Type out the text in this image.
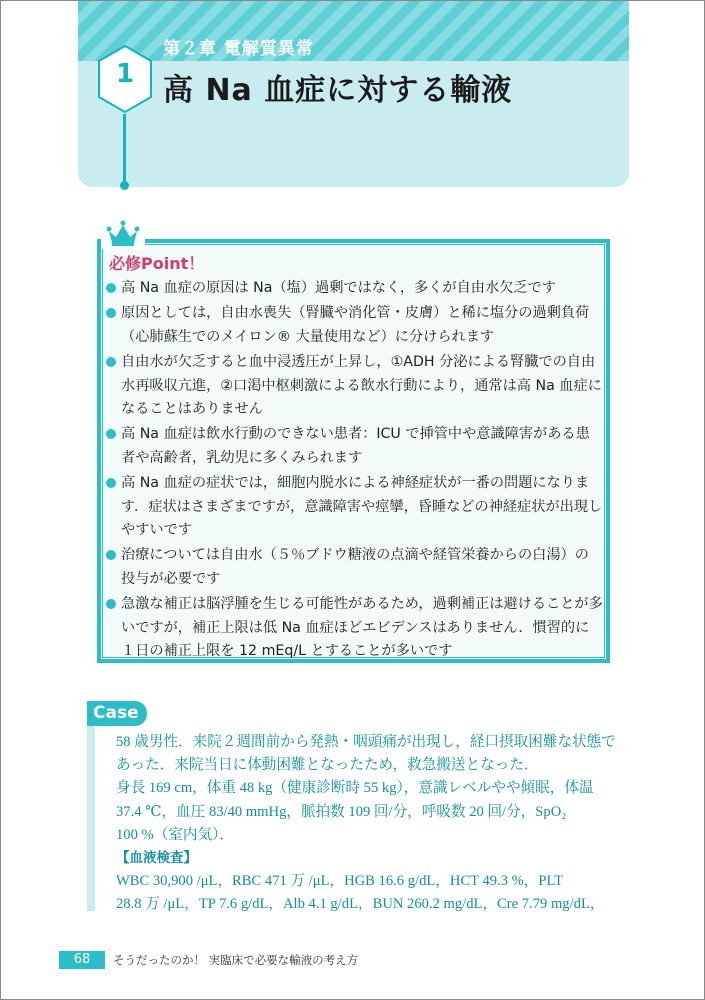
第２章 電解質異常
1 高 Na 血症に対する輸液
必修Point！
高 Na 血症の原因は Na（塩）過剰ではなく，多くが自由水欠乏です
原因としては，自由水喪失（腎臓や消化管・皮膚）と稀に塩分の過剰負荷（心肺蘇生でのメイロン® 大量使用など）に分けられます
自由水が欠乏すると血中浸透圧が上昇し，①ADH 分泌による腎臓での自由水再吸収亢進，②口渇中枢刺激による飲水行動により，通常は高 Na 血症になることはありません
高 Na 血症は飲水行動のできない患者：ICU で挿管中や意識障害がある患者や高齢者，乳幼児に多くみられます
高 Na 血症の症状では，細胞内脱水による神経症状が一番の問題になります．症状はさまざまですが，意識障害や痙攣，昏睡などの神経症状が出現しやすいです
治療については自由水（５％ブドウ糖液の点滴や経管栄養からの白湯）の投与が必要です
急激な補正は脳浮腫を生じる可能性があるため，過剰補正は避けることが多いですが，補正上限は低 Na 血症ほどエビデンスはありません．慣習的に１日の補正上限を 12 mEq/L とすることが多いです
Case
58 歳男性．来院２週間前から発熱・咽頭痛が出現し，経口摂取困難な状態で
あった．来院当日に体動困難となったため，救急搬送となった．
身長 169 cm，体重 48 kg（健康診断時 55 kg），意識レベルやや傾眠，体温
37.4 ℃，血圧 83/40 mmHg，脈拍数 109 回/分，呼吸数 20 回/分，SpO₂
100 %（室内気）．
【血液検査】
WBC 30,900 /μL，RBC 471 万 /μL，HGB 16.6 g/dL，HCT 49.3 %，PLT
28.8 万 /μL，TP 7.6 g/dL，Alb 4.1 g/dL，BUN 260.2 mg/dL，Cre 7.79 mg/dL，
68	そうだったのか！ 実臨床で必要な輸液の考え方
